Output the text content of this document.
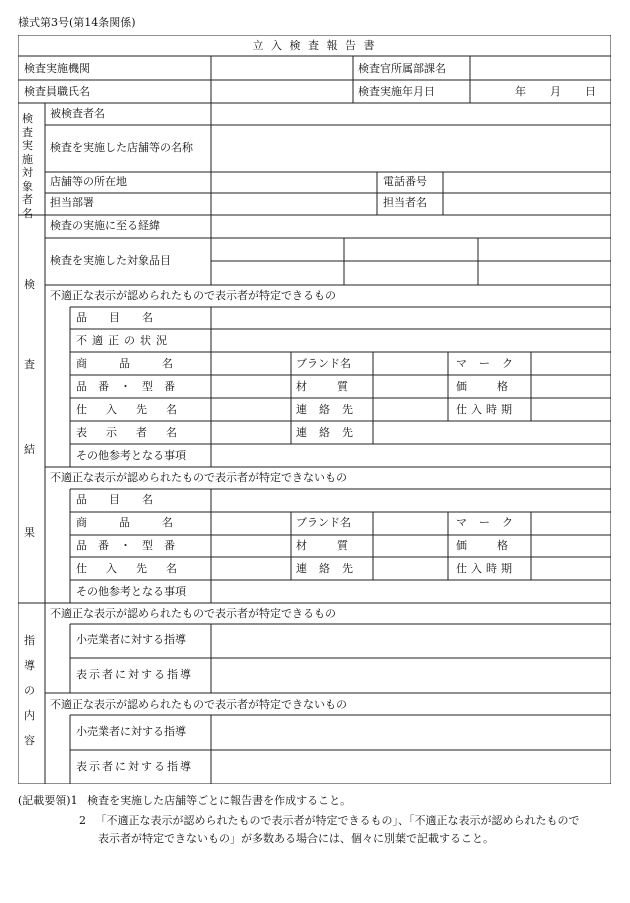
様式第3号(第14条関係)
立 入 検 査 報 告 書
検査実施機関	検査官所属部課名
検査員職氏名	検査実施年月日	年 月 日
検査実施対象者名
被検査者名
検査を実施した店舗等の名称
店舗等の所在地	電話番号
担当部署	担当者名
検
査
結
果
検査の実施に至る経緯
検査を実施した対象品目
不適正な表示が認められたもので表示者が特定できるもの
品目名
不適正の状況
商品名	ブランド名	マーク
品番・型番	材質	価格
仕入先名	連絡先	仕入時期
表示者名	連絡先
その他参考となる事項
不適正な表示が認められたもので表示者が特定できないもの
品目名
商品名	ブランド名	マーク
品番・型番	材質	価格
仕入先名	連絡先	仕入時期
その他参考となる事項
指
導
の
内
容
不適正な表示が認められたもので表示者が特定できるもの
小売業者に対する指導
表示者に対する指導
不適正な表示が認められたもので表示者が特定できないもの
小売業者に対する指導
表示者に対する指導
(記載要領)1 検査を実施した店舗等ごとに報告書を作成すること。
2 「不適正な表示が認められたもので表示者が特定できるもの」、「不適正な表示が認められたもので
表示者が特定できないもの」が多数ある場合には、個々に別葉で記載すること。
